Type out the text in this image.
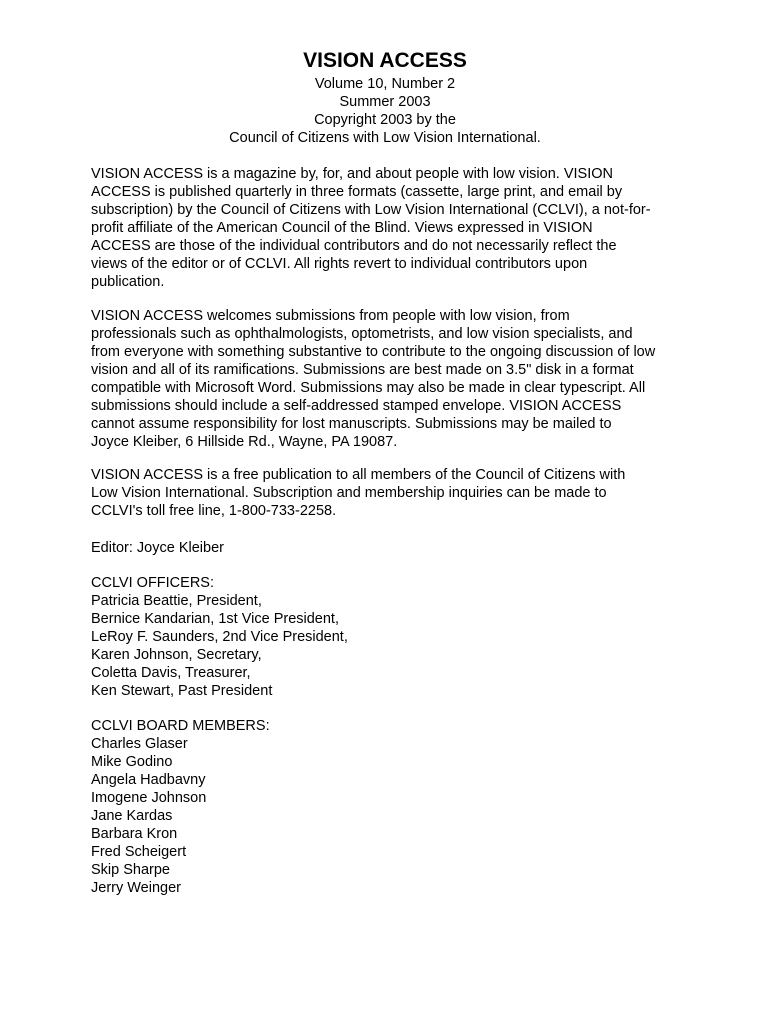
VISION ACCESS
Volume 10, Number 2
Summer 2003
Copyright 2003 by the
Council of Citizens with Low Vision International.
VISION ACCESS is a magazine by, for, and about people with low vision. VISION
ACCESS is published quarterly in three formats (cassette, large print, and email by
subscription) by the Council of Citizens with Low Vision International (CCLVI), a not-for-
profit affiliate of the American Council of the Blind. Views expressed in VISION
ACCESS are those of the individual contributors and do not necessarily reflect the
views of the editor or of CCLVI. All rights revert to individual contributors upon
publication.
VISION ACCESS welcomes submissions from people with low vision, from
professionals such as ophthalmologists, optometrists, and low vision specialists, and
from everyone with something substantive to contribute to the ongoing discussion of low
vision and all of its ramifications. Submissions are best made on 3.5" disk in a format
compatible with Microsoft Word. Submissions may also be made in clear typescript. All
submissions should include a self-addressed stamped envelope. VISION ACCESS
cannot assume responsibility for lost manuscripts. Submissions may be mailed to
Joyce Kleiber, 6 Hillside Rd., Wayne, PA 19087.
VISION ACCESS is a free publication to all members of the Council of Citizens with
Low Vision International. Subscription and membership inquiries can be made to
CCLVI's toll free line, 1-800-733-2258.
Editor: Joyce Kleiber
CCLVI OFFICERS:
Patricia Beattie, President,
Bernice Kandarian, 1st Vice President,
LeRoy F. Saunders, 2nd Vice President,
Karen Johnson, Secretary,
Coletta Davis, Treasurer,
Ken Stewart, Past President
CCLVI BOARD MEMBERS:
Charles Glaser
Mike Godino
Angela Hadbavny
Imogene Johnson
Jane Kardas
Barbara Kron
Fred Scheigert
Skip Sharpe
Jerry Weinger
